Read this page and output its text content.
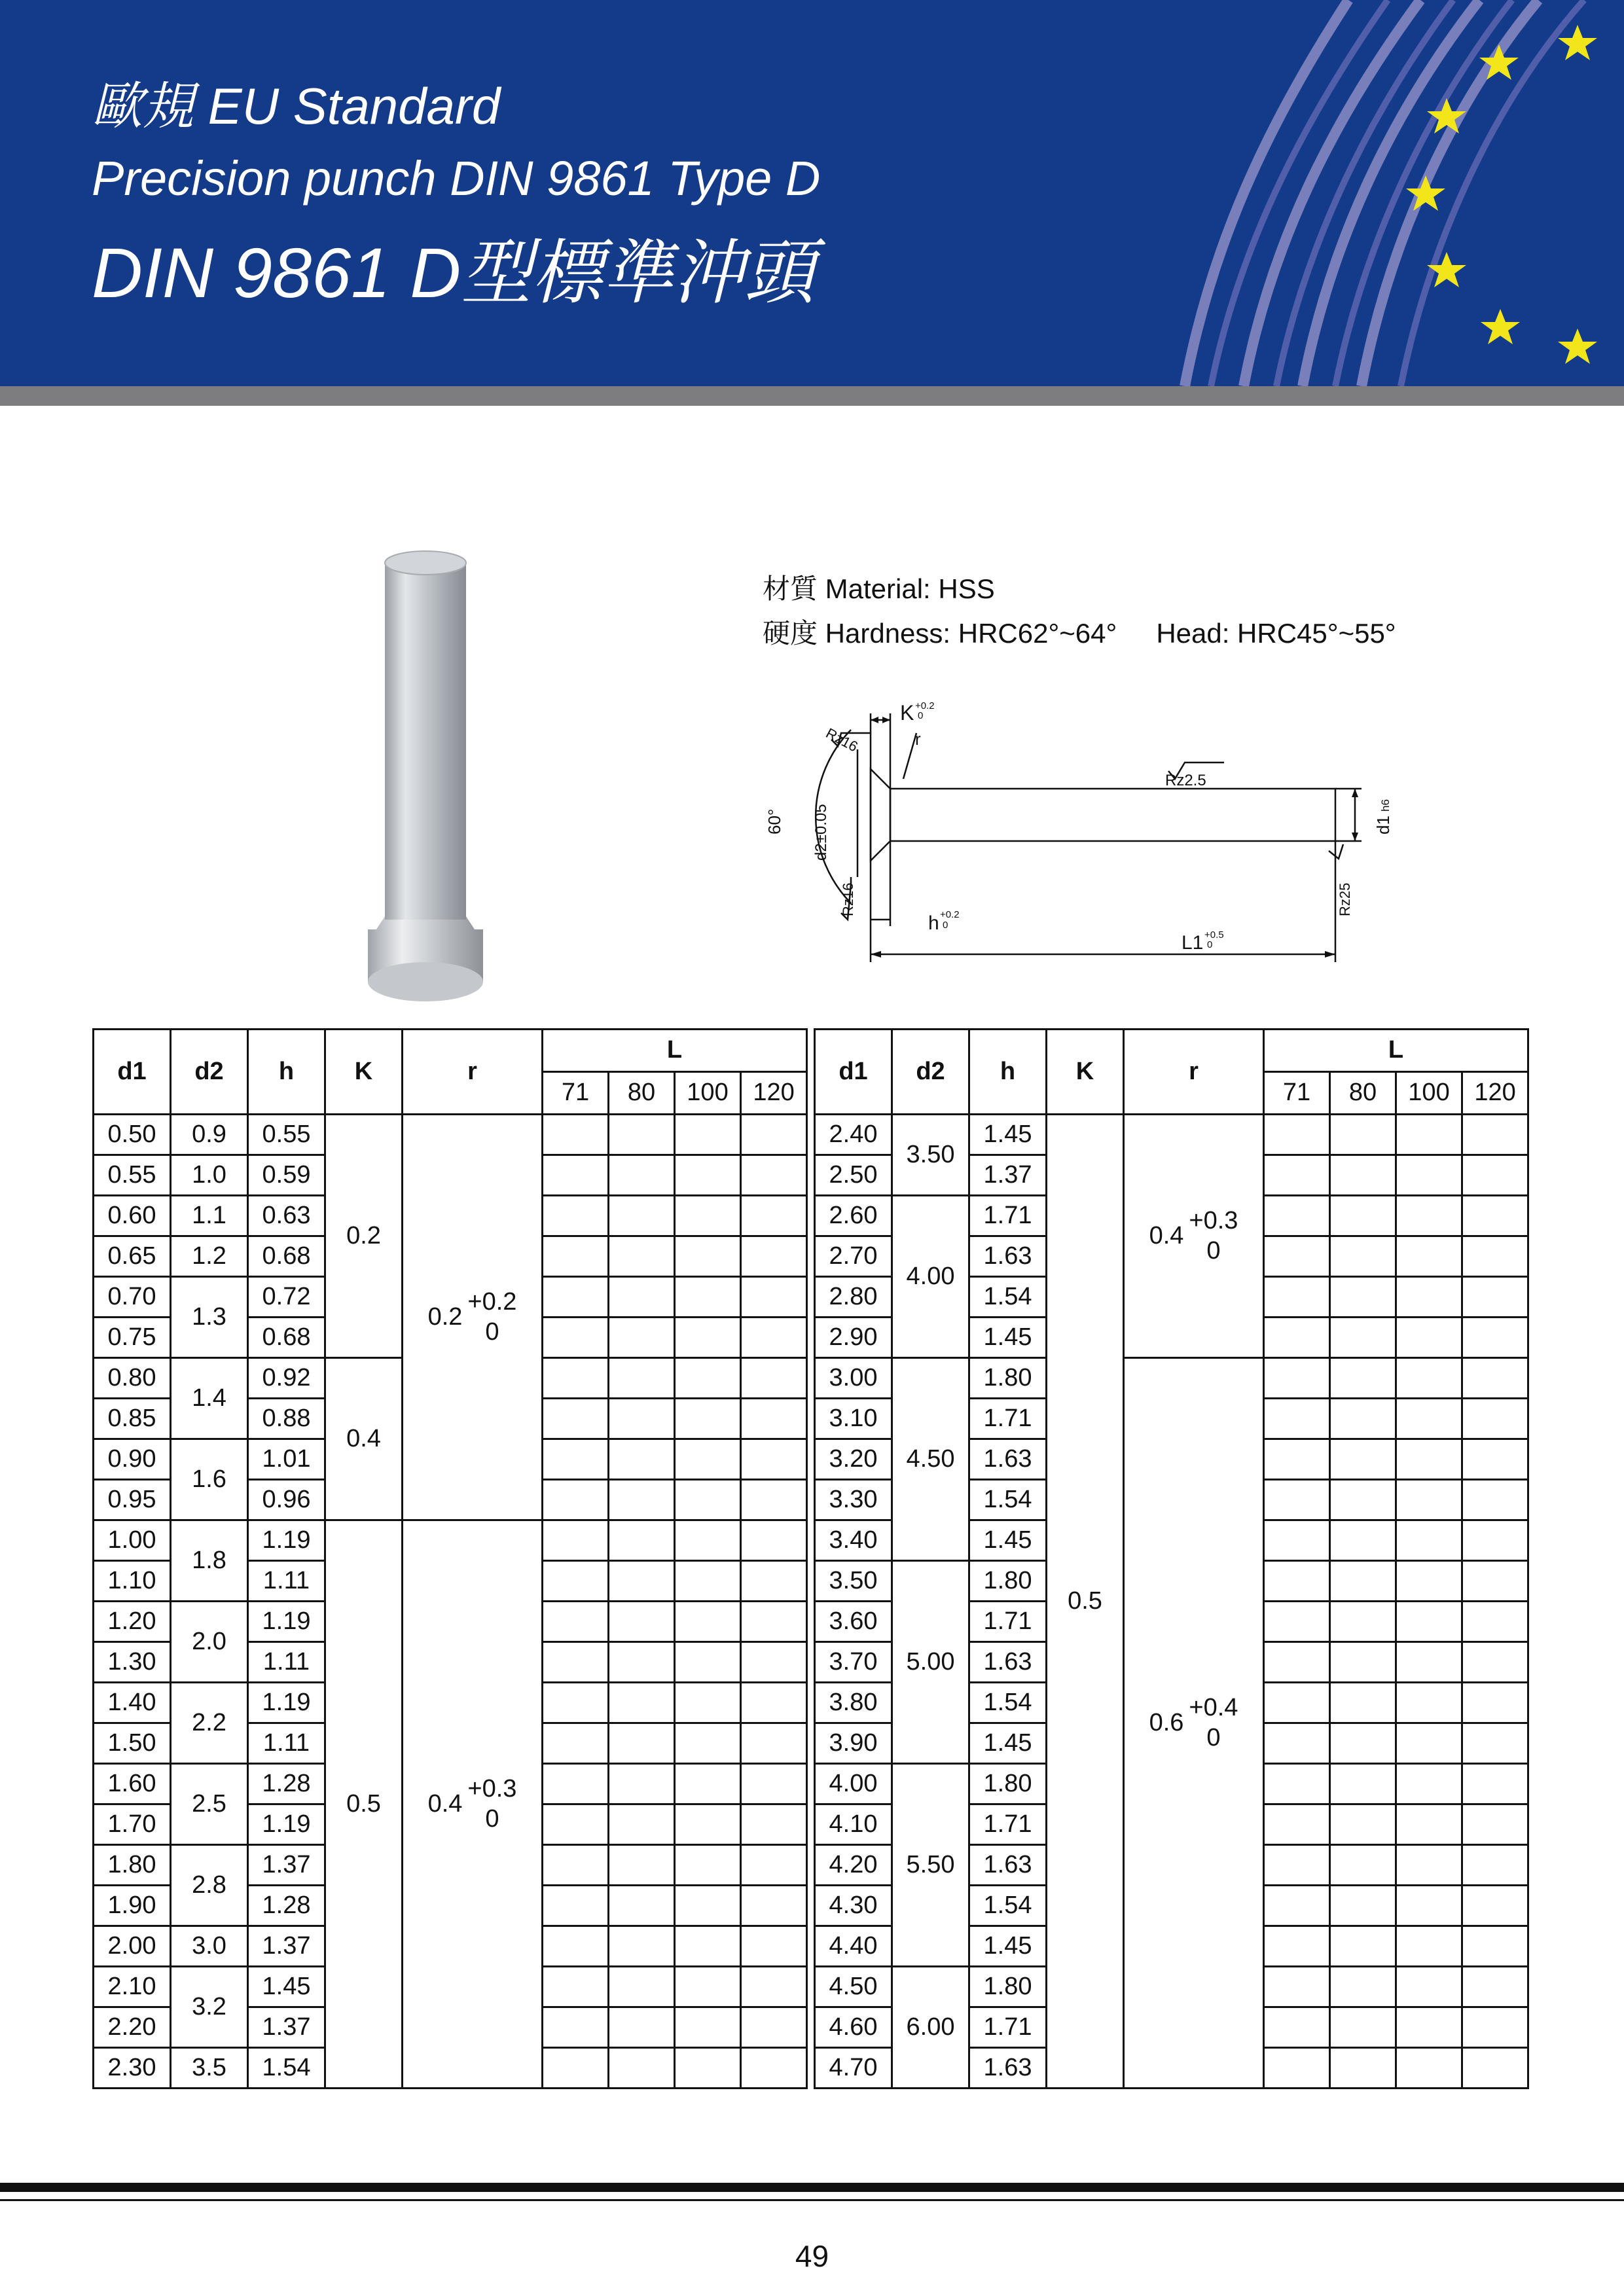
歐規 EU Standard
Precision punch DIN 9861 Type D
DIN 9861 D型標準沖頭
材質 Material: HSS
硬度 Hardness: HRC62°~64° Head: HRC45°~55°
K +0.2
0
r
Rz16
Rz2.5
60° d2±0.05	d1
h6
Rz16	Rz25
h +0.2
0
L1 +0.5
0
d1	d2	h	K	r	L			
					71	80	100	120
0.50	0.9	0.55	0.2	0.2
+0.2
0				

0.55	1.0	0.59						
0.60	1.1	0.63						
0.65	1.2	0.68						
0.70	1.3	0.72						
0.75		0.68						
0.80	1.4	0.92	0.4					
0.85		0.88						
0.90	1.6	1.01						
0.95		0.96						
1.00	1.8	1.19	0.5	0.4
+0.3
0				

1.10		1.11						
1.20	2.0	1.19						
1.30		1.11						
1.40	2.2	1.19						
1.50		1.11						
1.60	2.5	1.28						
1.70		1.19						
1.80	2.8	1.37						
1.90		1.28						
2.00	3.0	1.37						
2.10	3.2	1.45						
2.20		1.37						
2.30	3.5	1.54						
d1	d2	h	K	r	L			
					71	80	100	120
2.40	3.50	1.45	0.5	0.4
+0.3
0				

2.50		1.37						
2.60	4.00	1.71						
2.70		1.63						
2.80		1.54						
2.90		1.45						
3.00	4.50	1.80		0.6
+0.4
0				

3.10		1.71						
3.20		1.63						
3.30		1.54						
3.40		1.45						
3.50	5.00	1.80						
3.60		1.71						
3.70		1.63						
3.80		1.54						
3.90		1.45						
4.00	5.50	1.80						
4.10		1.71						
4.20		1.63						
4.30		1.54						
4.40		1.45						
4.50	6.00	1.80						
4.60		1.71						
4.70		1.63						
49
